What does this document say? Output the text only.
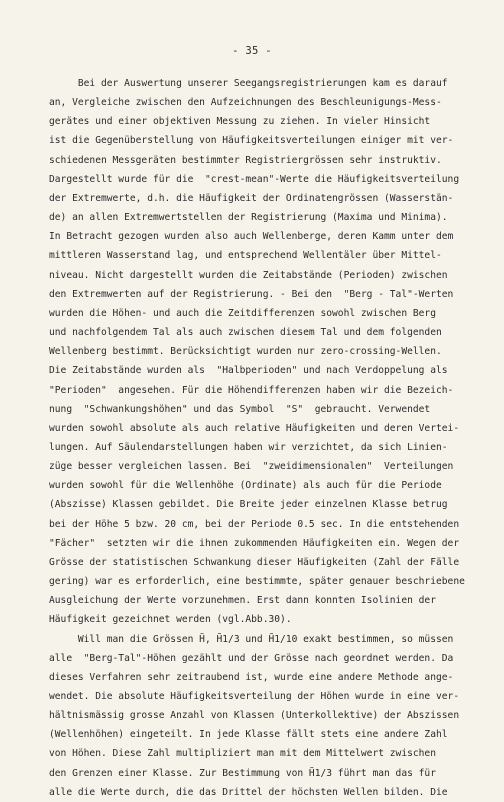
- 35 -
Bei der Auswertung unserer Seegangsregistrierungen kam es darauf
an, Vergleiche zwischen den Aufzeichnungen des Beschleunigungs-Mess-
gerätes und einer objektiven Messung zu ziehen. In vieler Hinsicht
ist die Gegenüberstellung von Häufigkeitsverteilungen einiger mit ver-
schiedenen Messgeräten bestimmter Registriergrössen sehr instruktiv.
Dargestellt wurde für die  "crest-mean"-Werte die Häufigkeitsverteilung
der Extremwerte, d.h. die Häufigkeit der Ordinatengrössen (Wasserstän-
de) an allen Extremwertstellen der Registrierung (Maxima und Minima).
In Betracht gezogen wurden also auch Wellenberge, deren Kamm unter dem
mittleren Wasserstand lag, und entsprechend Wellentäler über Mittel-
niveau. Nicht dargestellt wurden die Zeitabstände (Perioden) zwischen
den Extremwerten auf der Registrierung. - Bei den  "Berg - Tal"-Werten
wurden die Höhen- und auch die Zeitdifferenzen sowohl zwischen Berg
und nachfolgendem Tal als auch zwischen diesem Tal und dem folgenden
Wellenberg bestimmt. Berücksichtigt wurden nur zero-crossing-Wellen.
Die Zeitabstände wurden als  "Halbperioden" und nach Verdoppelung als
"Perioden"  angesehen. Für die Höhendifferenzen haben wir die Bezeich-
nung  "Schwankungshöhen" und das Symbol  "S"  gebraucht. Verwendet
wurden sowohl absolute als auch relative Häufigkeiten und deren Vertei-
lungen. Auf Säulendarstellungen haben wir verzichtet, da sich Linien-
züge besser vergleichen lassen. Bei  "zweidimensionalen"  Verteilungen
wurden sowohl für die Wellenhöhe (Ordinate) als auch für die Periode
(Abszisse) Klassen gebildet. Die Breite jeder einzelnen Klasse betrug
bei der Höhe 5 bzw. 20 cm, bei der Periode 0.5 sec. In die entstehenden
"Fächer"  setzten wir die ihnen zukommenden Häufigkeiten ein. Wegen der
Grösse der statistischen Schwankung dieser Häufigkeiten (Zahl der Fälle
gering) war es erforderlich, eine bestimmte, später genauer beschriebene
Ausgleichung der Werte vorzunehmen. Erst dann konnten Isolinien der
Häufigkeit gezeichnet werden (vgl.Abb.30).
Will man die Grössen H̃, H̃1/3 und H̃1/10 exakt bestimmen, so müssen
alle  "Berg-Tal"-Höhen gezählt und der Grösse nach geordnet werden. Da
dieses Verfahren sehr zeitraubend ist, wurde eine andere Methode ange-
wendet. Die absolute Häufigkeitsverteilung der Höhen wurde in eine ver-
hältnismässig grosse Anzahl von Klassen (Unterkollektive) der Abszissen
(Wellenhöhen) eingeteilt. In jede Klasse fällt stets eine andere Zahl
von Höhen. Diese Zahl multipliziert man mit dem Mittelwert zwischen
den Grenzen einer Klasse. Zur Bestimmung von H̃1/3 führt man das für
alle die Werte durch, die das Drittel der höchsten Wellen bilden. Die
